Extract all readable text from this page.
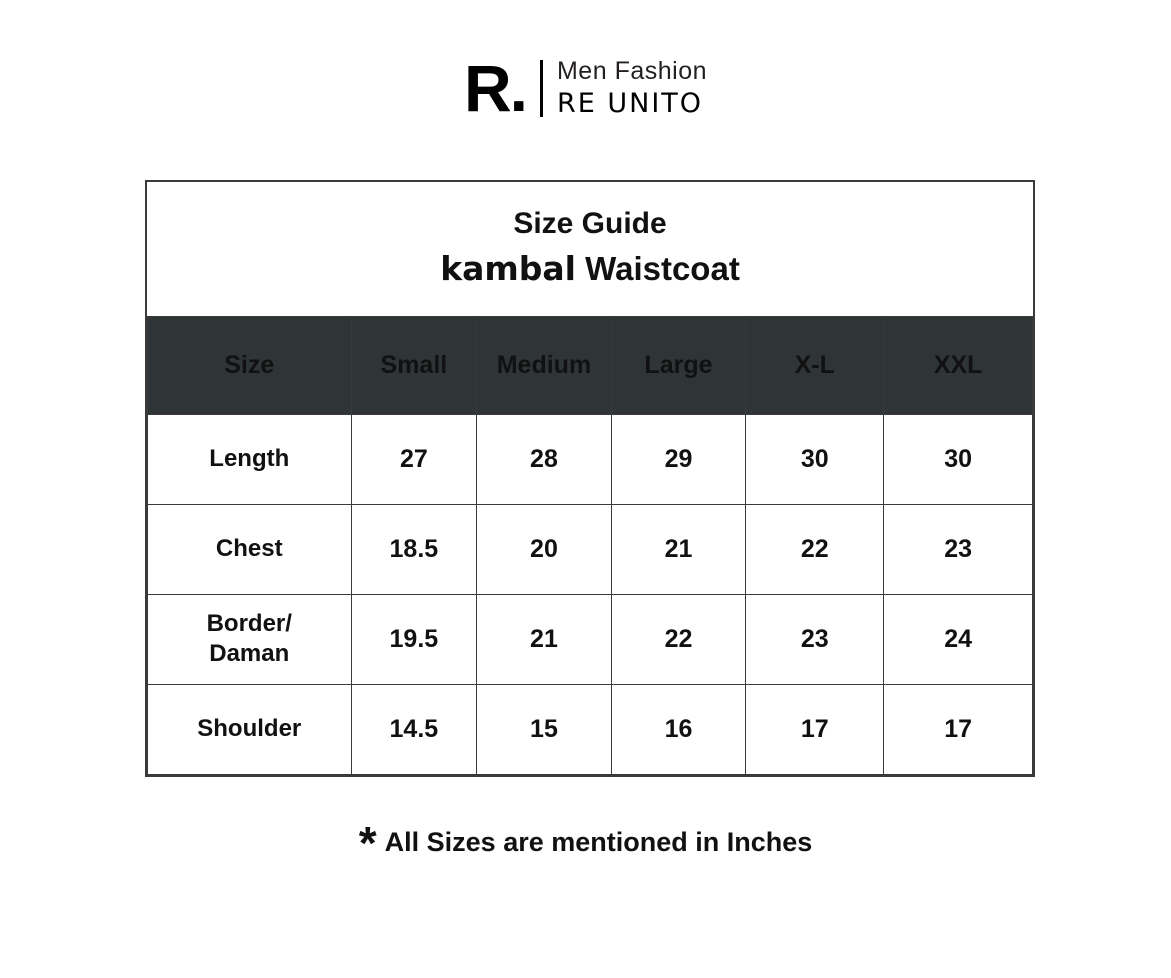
R.	Men Fashion
RE UNITO
Size Guide
kambal Waistcoat
Size	Small	Medium	Large	X-L	XXL
Length	27	28	29	30	30
Chest	18.5	20	21	22	23
Border/
Daman	19.5	21	22	23	24
Shoulder	14.5	15	16	17	17
* All Sizes are mentioned in Inches
